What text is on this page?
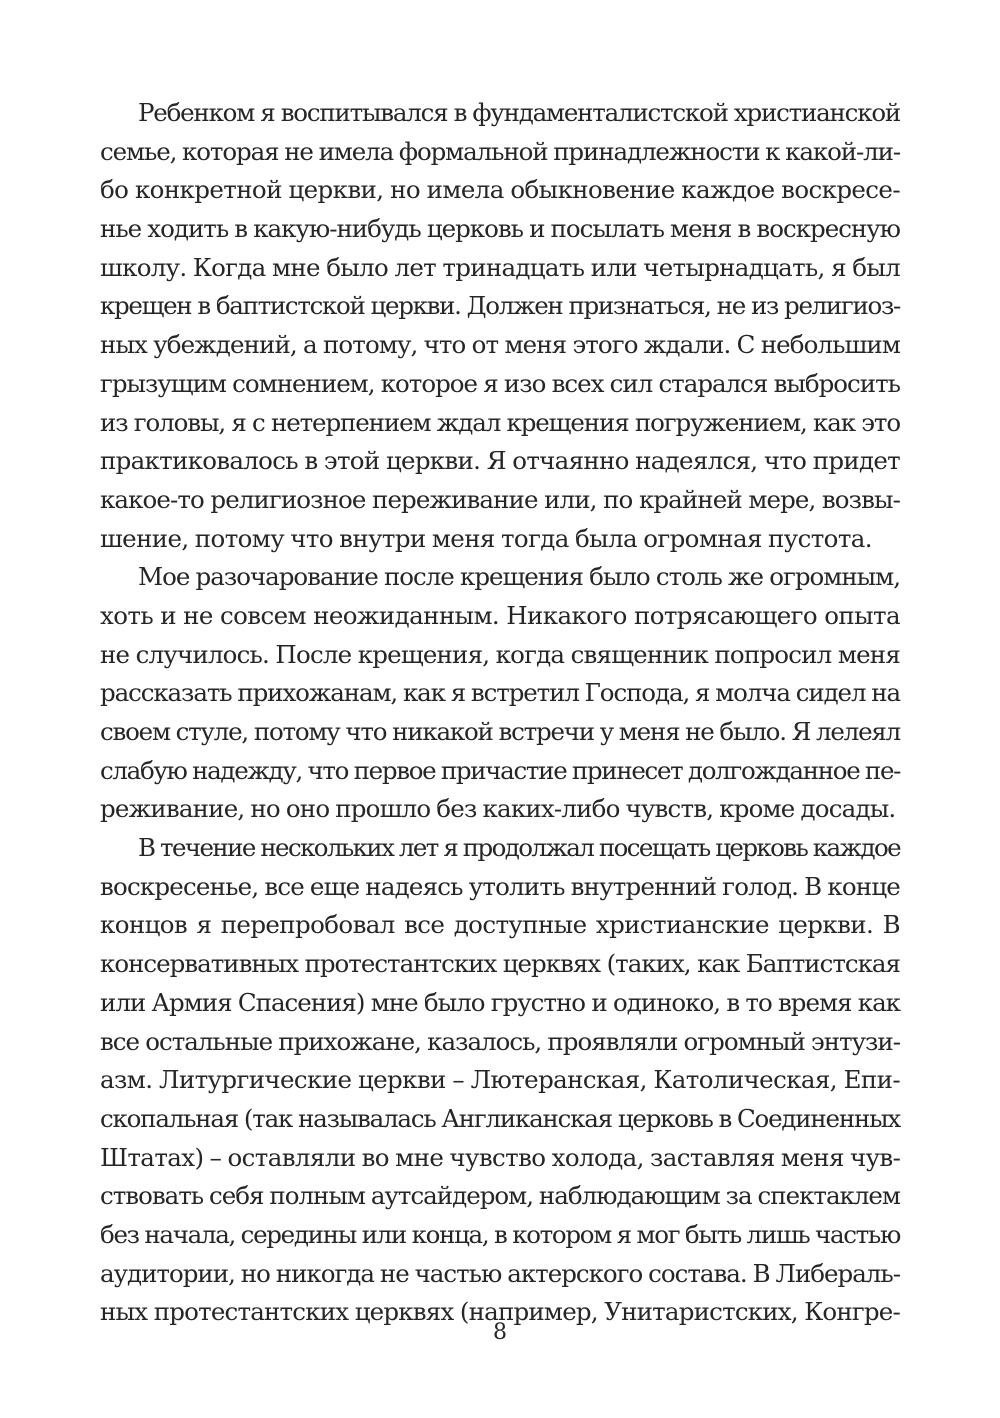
Ребенком я воспитывался в фундаменталистской христианской
семье, которая не имела формальной принадлежности к какой-ли-
бо конкретной церкви, но имела обыкновение каждое воскресе-
нье ходить в какую-нибудь церковь и посылать меня в воскресную
школу. Когда мне было лет тринадцать или четырнадцать, я был
крещен в баптистской церкви. Должен признаться, не из религиоз-
ных убеждений, а потому, что от меня этого ждали. С небольшим
грызущим сомнением, которое я изо всех сил старался выбросить
из головы, я с нетерпением ждал крещения погружением, как это
практиковалось в этой церкви. Я отчаянно надеялся, что придет
какое-то религиозное переживание или, по крайней мере, возвы-
шение, потому что внутри меня тогда была огромная пустота.
Мое разочарование после крещения было столь же огромным,
хоть и не совсем неожиданным. Никакого потрясающего опыта
не случилось. После крещения, когда священник попросил меня
рассказать прихожанам, как я встретил Господа, я молча сидел на
своем стуле, потому что никакой встречи у меня не было. Я лелеял
слабую надежду, что первое причастие принесет долгожданное пе-
реживание, но оно прошло без каких-либо чувств, кроме досады.
В течение нескольких лет я продолжал посещать церковь каждое
воскресенье, все еще надеясь утолить внутренний голод. В конце
концов я перепробовал все доступные христианские церкви. В
консервативных протестантских церквях (таких, как Баптистская
или Армия Спасения) мне было грустно и одиноко, в то время как
все остальные прихожане, казалось, проявляли огромный энтузи-
азм. Литургические церкви – Лютеранская, Католическая, Епи-
скопальная (так называлась Англиканская церковь в Соединенных
Штатах) – оставляли во мне чувство холода, заставляя меня чув-
ствовать себя полным аутсайдером, наблюдающим за спектаклем
без начала, середины или конца, в котором я мог быть лишь частью
аудитории, но никогда не частью актерского состава. В Либераль-
ных протестантских церквях (например, Унитаристских, Конгре-
8
